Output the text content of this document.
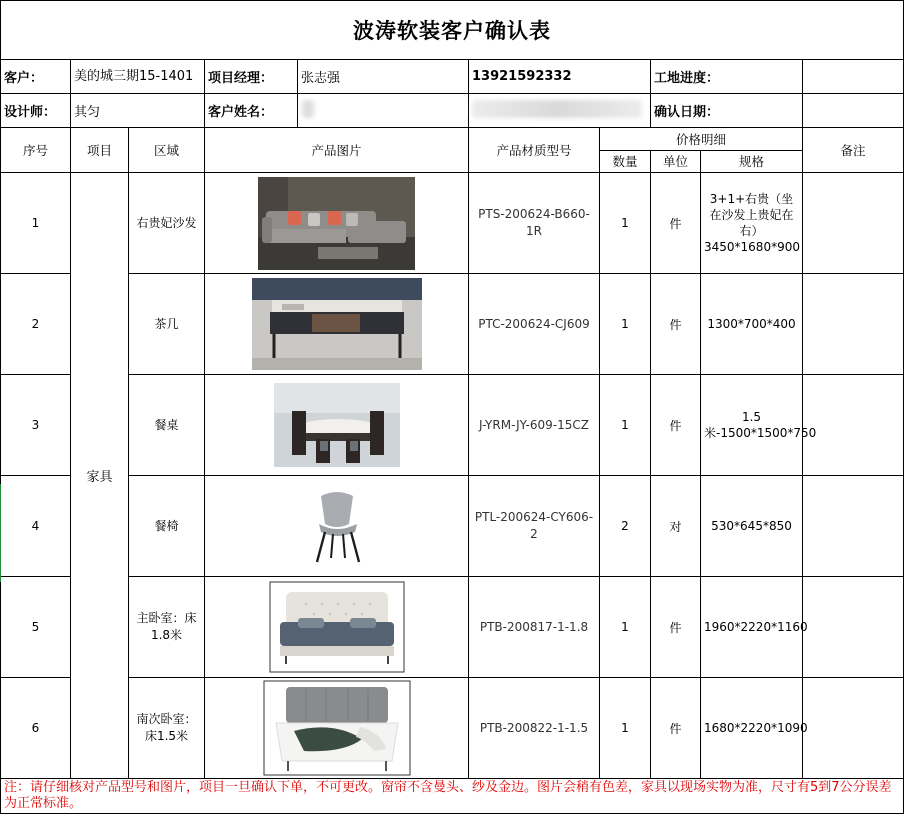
波涛软装客户确认表									
客户：	美的城三期15-1401		项目经理：	张志强	13921592332		工地进度：		
设计师：	其匀		客户姓名：				确认日期：		
序号	项目	区域	产品图片		产品材质型号	价格明细			备注
						数量	单位	规格	
1	家具	右贵妃沙发			PTS-200624-B660-1R	1	件	3+1+右贵（坐在沙发上贵妃在右）3450*1680*900	
2		茶几			PTC-200624-CJ609	1	件	1300*700*400	
3		餐桌			J-YRM-JY-609-15CZ	1	件	1.5米-1500*1500*750	
4		餐椅			PTL-200624-CY606-2	2	对	530*645*850	
5		主卧室：床1.8米			PTB-200817-1-1.8	1	件	1960*2220*1160	
6		南次卧室：床1.5米			PTB-200822-1-1.5	1	件	1680*2220*1090	
注：请仔细核对产品型号和图片，项目一旦确认下单，不可更改。窗帘不含曼头、纱及金边。图片会稍有色差，家具以现场实物为准，尺寸有5到7公分误差为正常标准。									
